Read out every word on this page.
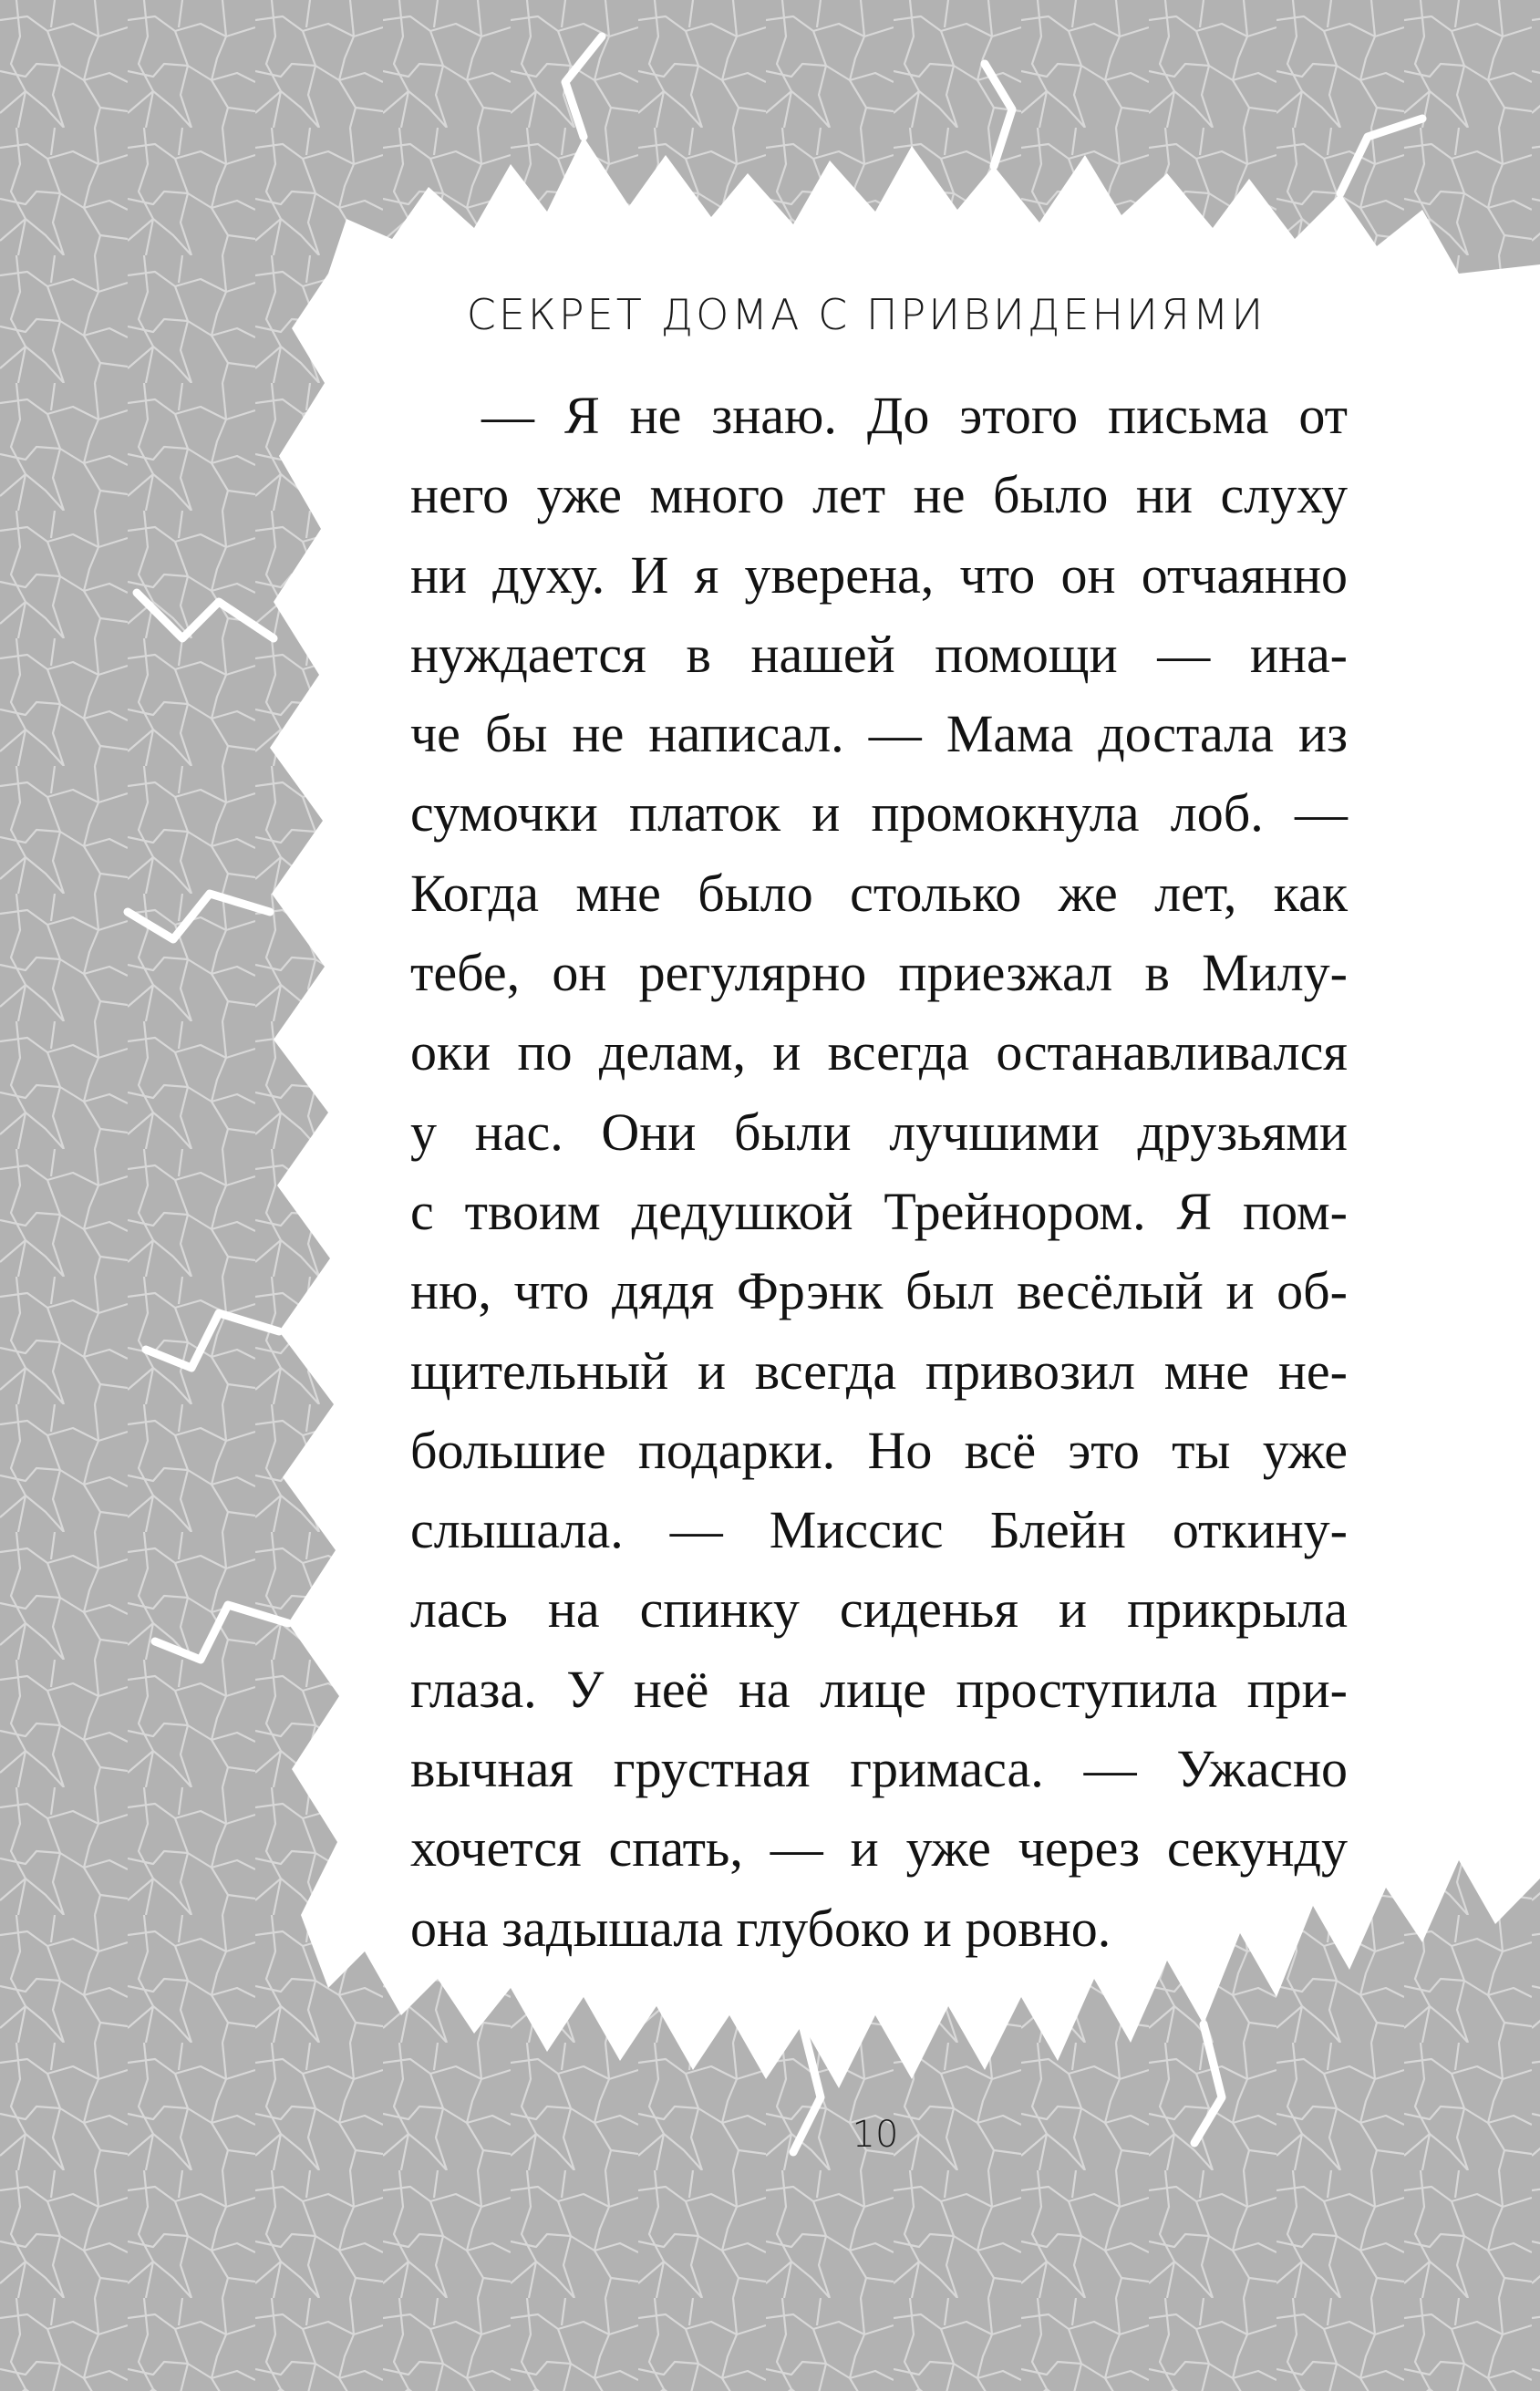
СЕКРЕТ ДОМА С ПРИВИДЕНИЯМИ
— Я не знаю. До этого письма от
него уже много лет не было ни слуху
ни духу. И я уверена, что он отчаянно
нуждается в нашей помощи — ина-
че бы не написал. — Мама достала из
сумочки платок и промокнула лоб. —
Когда мне было столько же лет, как
тебе, он регулярно приезжал в Милу-
оки по делам, и всегда останавливался
у нас. Они были лучшими друзьями
с твоим дедушкой Трейнором. Я пом-
ню, что дядя Фрэнк был весёлый и об-
щительный и всегда привозил мне не-
большие подарки. Но всё это ты уже
слышала. — Миссис Блейн откину-
лась на спинку сиденья и прикрыла
глаза. У неё на лице проступила при-
вычная грустная гримаса. — Ужасно
хочется спать, — и уже через секунду
она задышала глубоко и ровно.
10
